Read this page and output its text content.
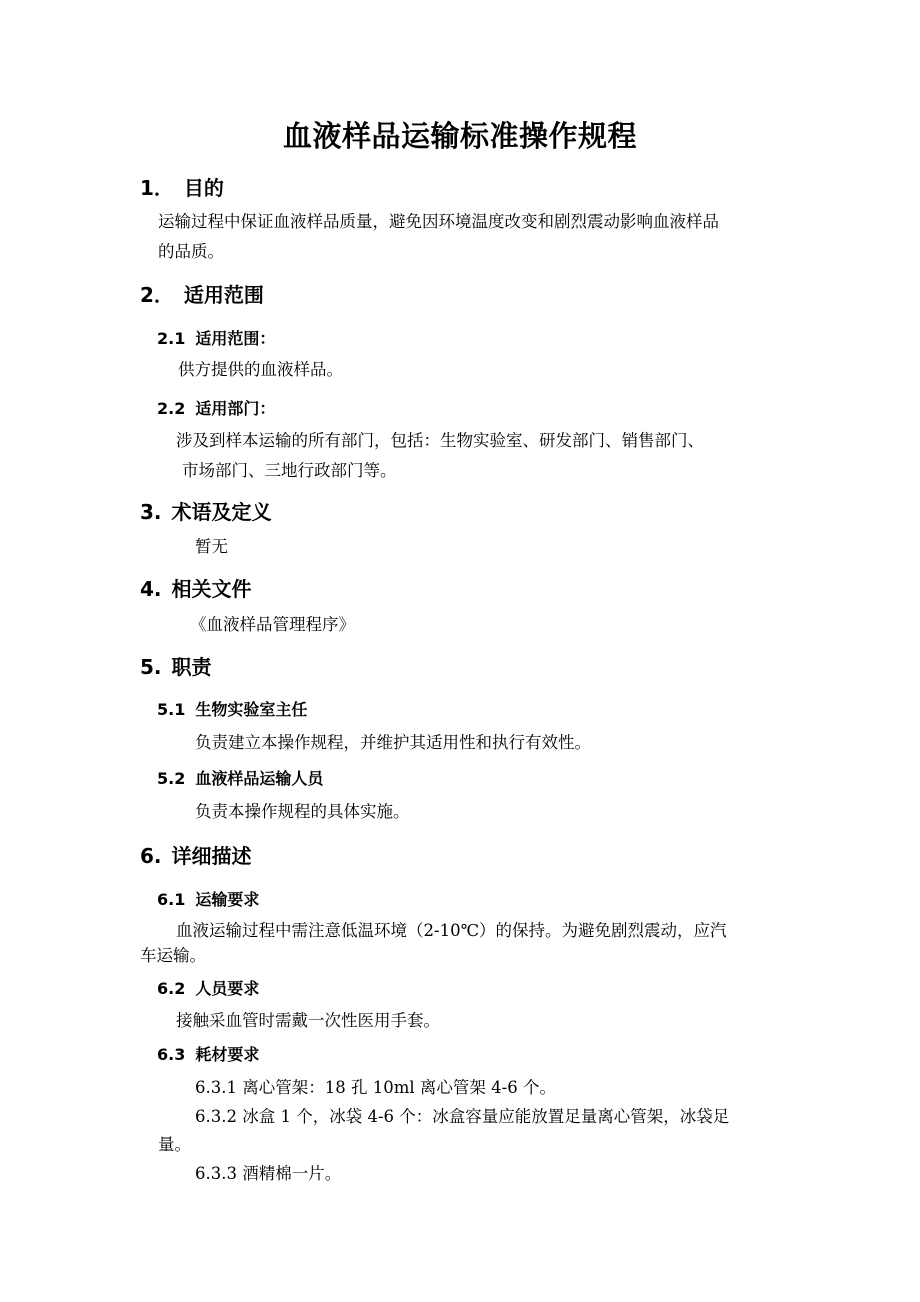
血液样品运输标准操作规程
1． 目的
运输过程中保证血液样品质量，避免因环境温度改变和剧烈震动影响血液样品
的品质。
2． 适用范围
2.1 适用范围：
供方提供的血液样品。
2.2 适用部门：
涉及到样本运输的所有部门，包括：生物实验室、研发部门、销售部门、
市场部门、三地行政部门等。
3. 术语及定义
暂无
4. 相关文件
《血液样品管理程序》
5. 职责
5.1 生物实验室主任
负责建立本操作规程，并维护其适用性和执行有效性。
5.2 血液样品运输人员
负责本操作规程的具体实施。
6. 详细描述
6.1 运输要求
血液运输过程中需注意低温环境（2-10℃）的保持。为避免剧烈震动，应汽
车运输。
6.2 人员要求
接触采血管时需戴一次性医用手套。
6.3 耗材要求
6.3.1 离心管架：18 孔 10ml 离心管架 4-6 个。
6.3.2 冰盒 1 个，冰袋 4-6 个：冰盒容量应能放置足量离心管架，冰袋足
量。
6.3.3 酒精棉一片。
